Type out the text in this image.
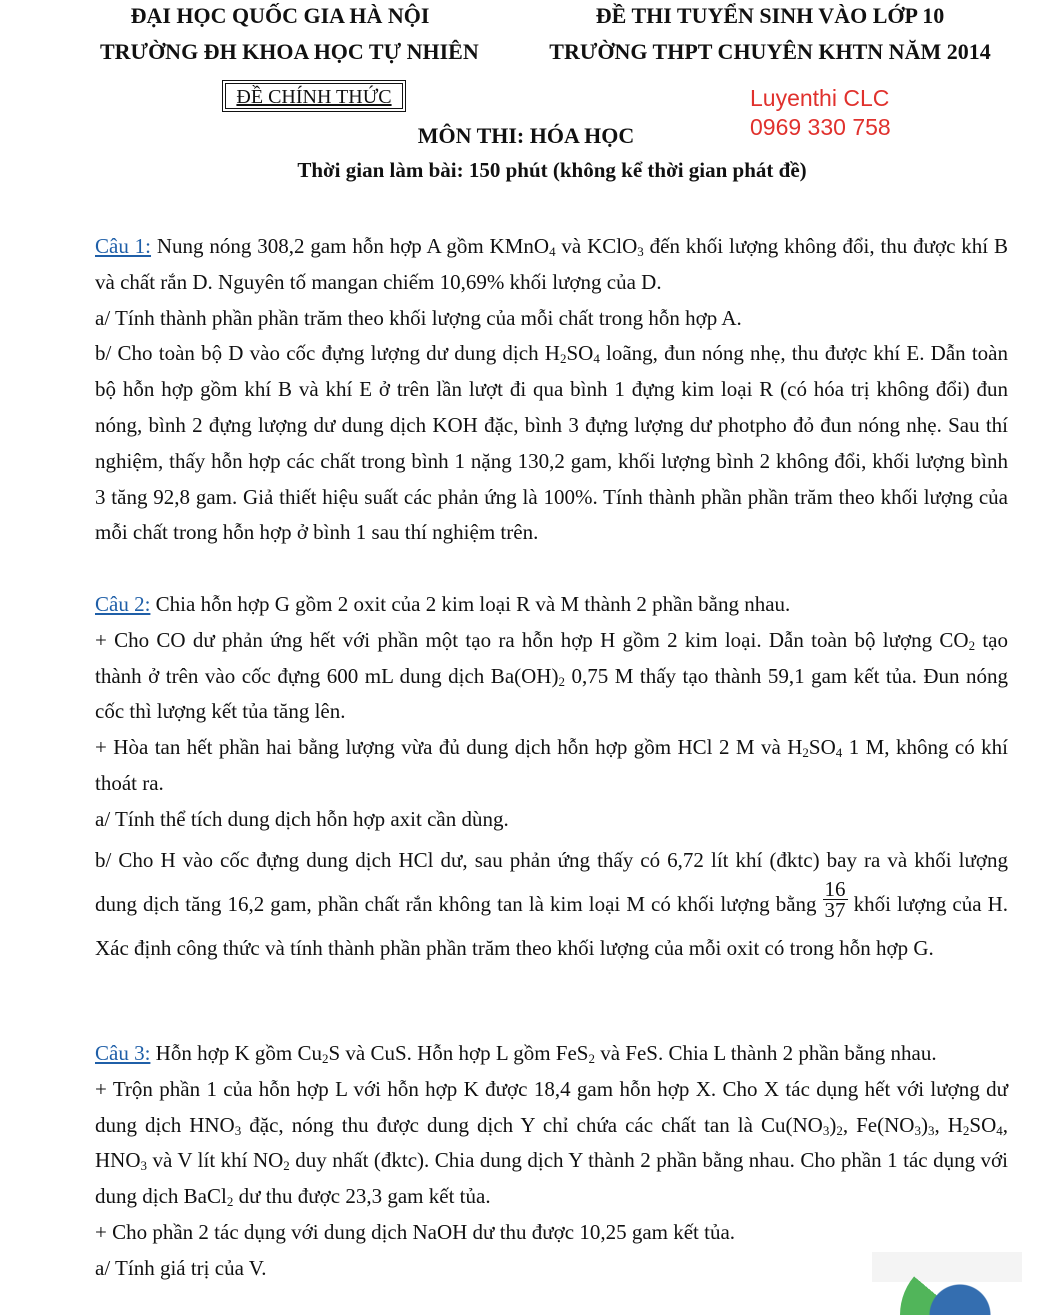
ĐẠI HỌC QUỐC GIA HÀ NỘI
TRƯỜNG ĐH KHOA HỌC TỰ NHIÊN
ĐỀ THI TUYỂN SINH VÀO LỚP 10
TRƯỜNG THPT CHUYÊN KHTN NĂM 2014
ĐỀ CHÍNH THỨC	Luyenthi CLC
0969 330 758
MÔN THI: HÓA HỌC
Thời gian làm bài: 150 phút (không kể thời gian phát đề)

Câu 1: Nung nóng 308,2 gam hỗn hợp A gồm KMnO$_4$ và KClO$_3$ đến khối lượng không đổi, thu được khí B và chất rắn D. Nguyên tố mangan chiếm 10,69% khối lượng của D.

a/ Tính thành phần phần trăm theo khối lượng của mỗi chất trong hỗn hợp A.

b/ Cho toàn bộ D vào cốc đựng lượng dư dung dịch $H_2SO_4$ loãng, đun nóng nhẹ, thu được khí E. Dẫn toàn bộ hỗn hợp gồm khí B và khí E ở trên lần lượt đi qua bình 1 đựng kim loại R (có hóa trị không đổi) đun nóng, bình 2 đựng lượng dư dung dịch KOH đặc, bình 3 đựng lượng dư photpho đỏ đun nóng nhẹ. Sau thí nghiệm, thấy hỗn hợp các chất trong bình 1 nặng 130,2 gam, khối lượng bình 2 không đổi, khối lượng bình 3 tăng 92,8 gam. Giả thiết hiệu suất các phản ứng là 100%. Tính thành phần phần trăm theo khối lượng của mỗi chất trong hỗn hợp ở bình 1 sau thí nghiệm trên.

Câu 2: Chia hỗn hợp G gồm 2 oxit của 2 kim loại R và M thành 2 phần bằng nhau.

+ Cho CO dư phản ứng hết với phần một tạo ra hỗn hợp H gồm 2 kim loại. Dẫn toàn bộ lượng $CO_2$ tạo thành ở trên vào cốc đựng 600 mL dung dịch $Ba(OH)_2$ 0,75 M thấy tạo thành 59,1 gam kết tủa. Đun nóng cốc thì lượng kết tủa tăng lên.

+ Hòa tan hết phần hai bằng lượng vừa đủ dung dịch hỗn hợp gồm HCl 2 M và $H_2SO_4$ 1 M, không có khí thoát ra.

a/ Tính thể tích dung dịch hỗn hợp axit cần dùng.

b/ Cho H vào cốc đựng dung dịch HCl dư, sau phản ứng thấy có 6,72 lít khí (đktc) bay ra và khối lượng dung dịch tăng 16,2 gam, phần chất rắn không tan là kim loại M có khối lượng bằng $\frac{16}{37}$ khối lượng của H. Xác định công thức và tính thành phần phần trăm theo khối lượng của mỗi oxit có trong hỗn hợp G.

Câu 3: Hỗn hợp K gồm $Cu_2S$ và CuS. Hỗn hợp L gồm FeS$_2$ và FeS. Chia L thành 2 phần bằng nhau.

+ Trộn phần 1 của hỗn hợp L với hỗn hợp K được 18,4 gam hỗn hợp X. Cho X tác dụng hết với lượng dư dung dịch $HNO_3$ đặc, nóng thu được dung dịch Y chỉ chứa các chất tan là $Cu(NO_3)_2$, $Fe(NO_3)_3$, $H_2SO_4$, $HNO_3$ và V lít khí $NO_2$ duy nhất (đktc). Chia dung dịch Y thành 2 phần bằng nhau. Cho phần 1 tác dụng với dung dịch BaCl$_2$ dư thu được 23,3 gam kết tủa.

+ Cho phần 2 tác dụng với dung dịch NaOH dư thu được 10,25 gam kết tủa.

a/ Tính giá trị của V.
